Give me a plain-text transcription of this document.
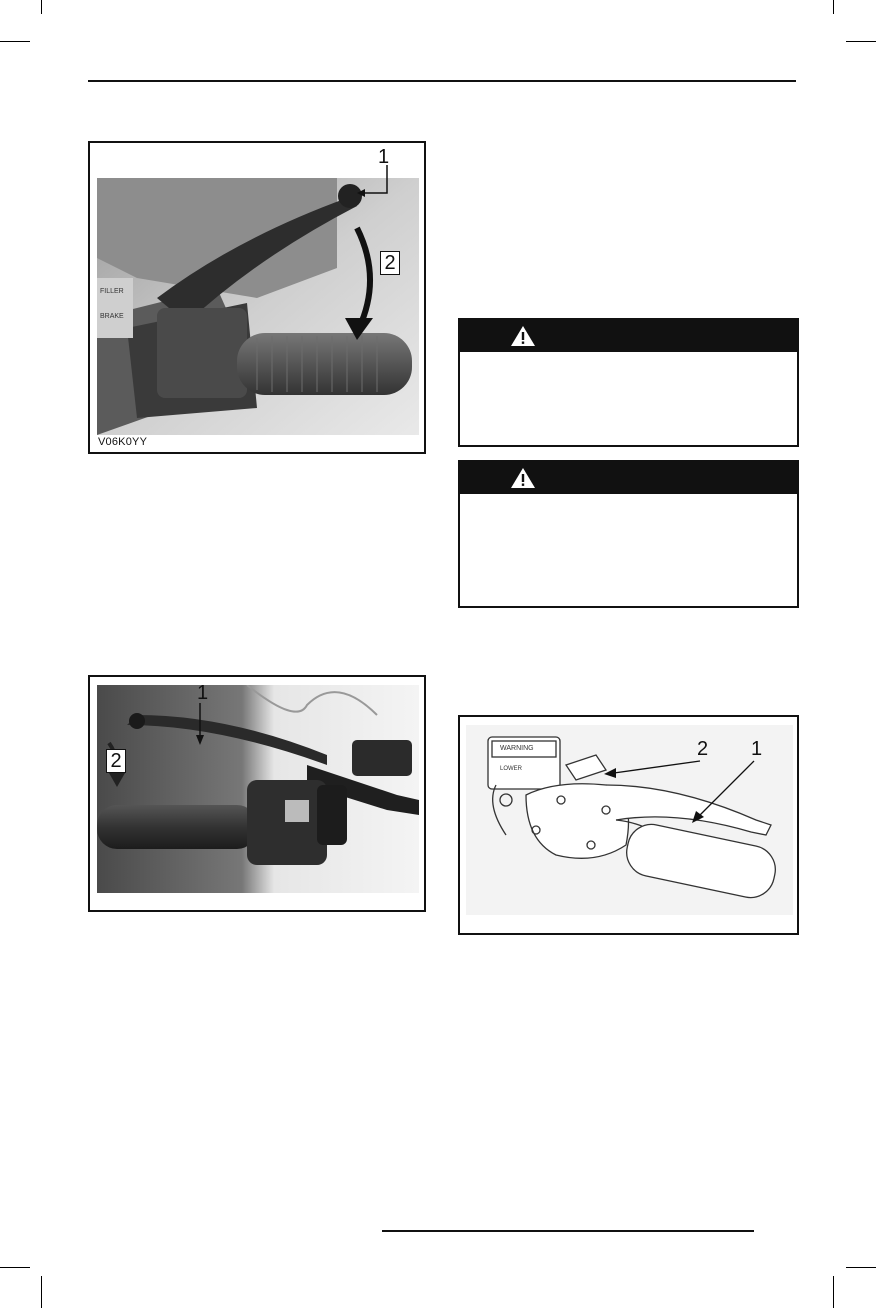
FILLER
BRAKE
1
2
V06K0YY
1
2
WARNING
LOWER
2 1
